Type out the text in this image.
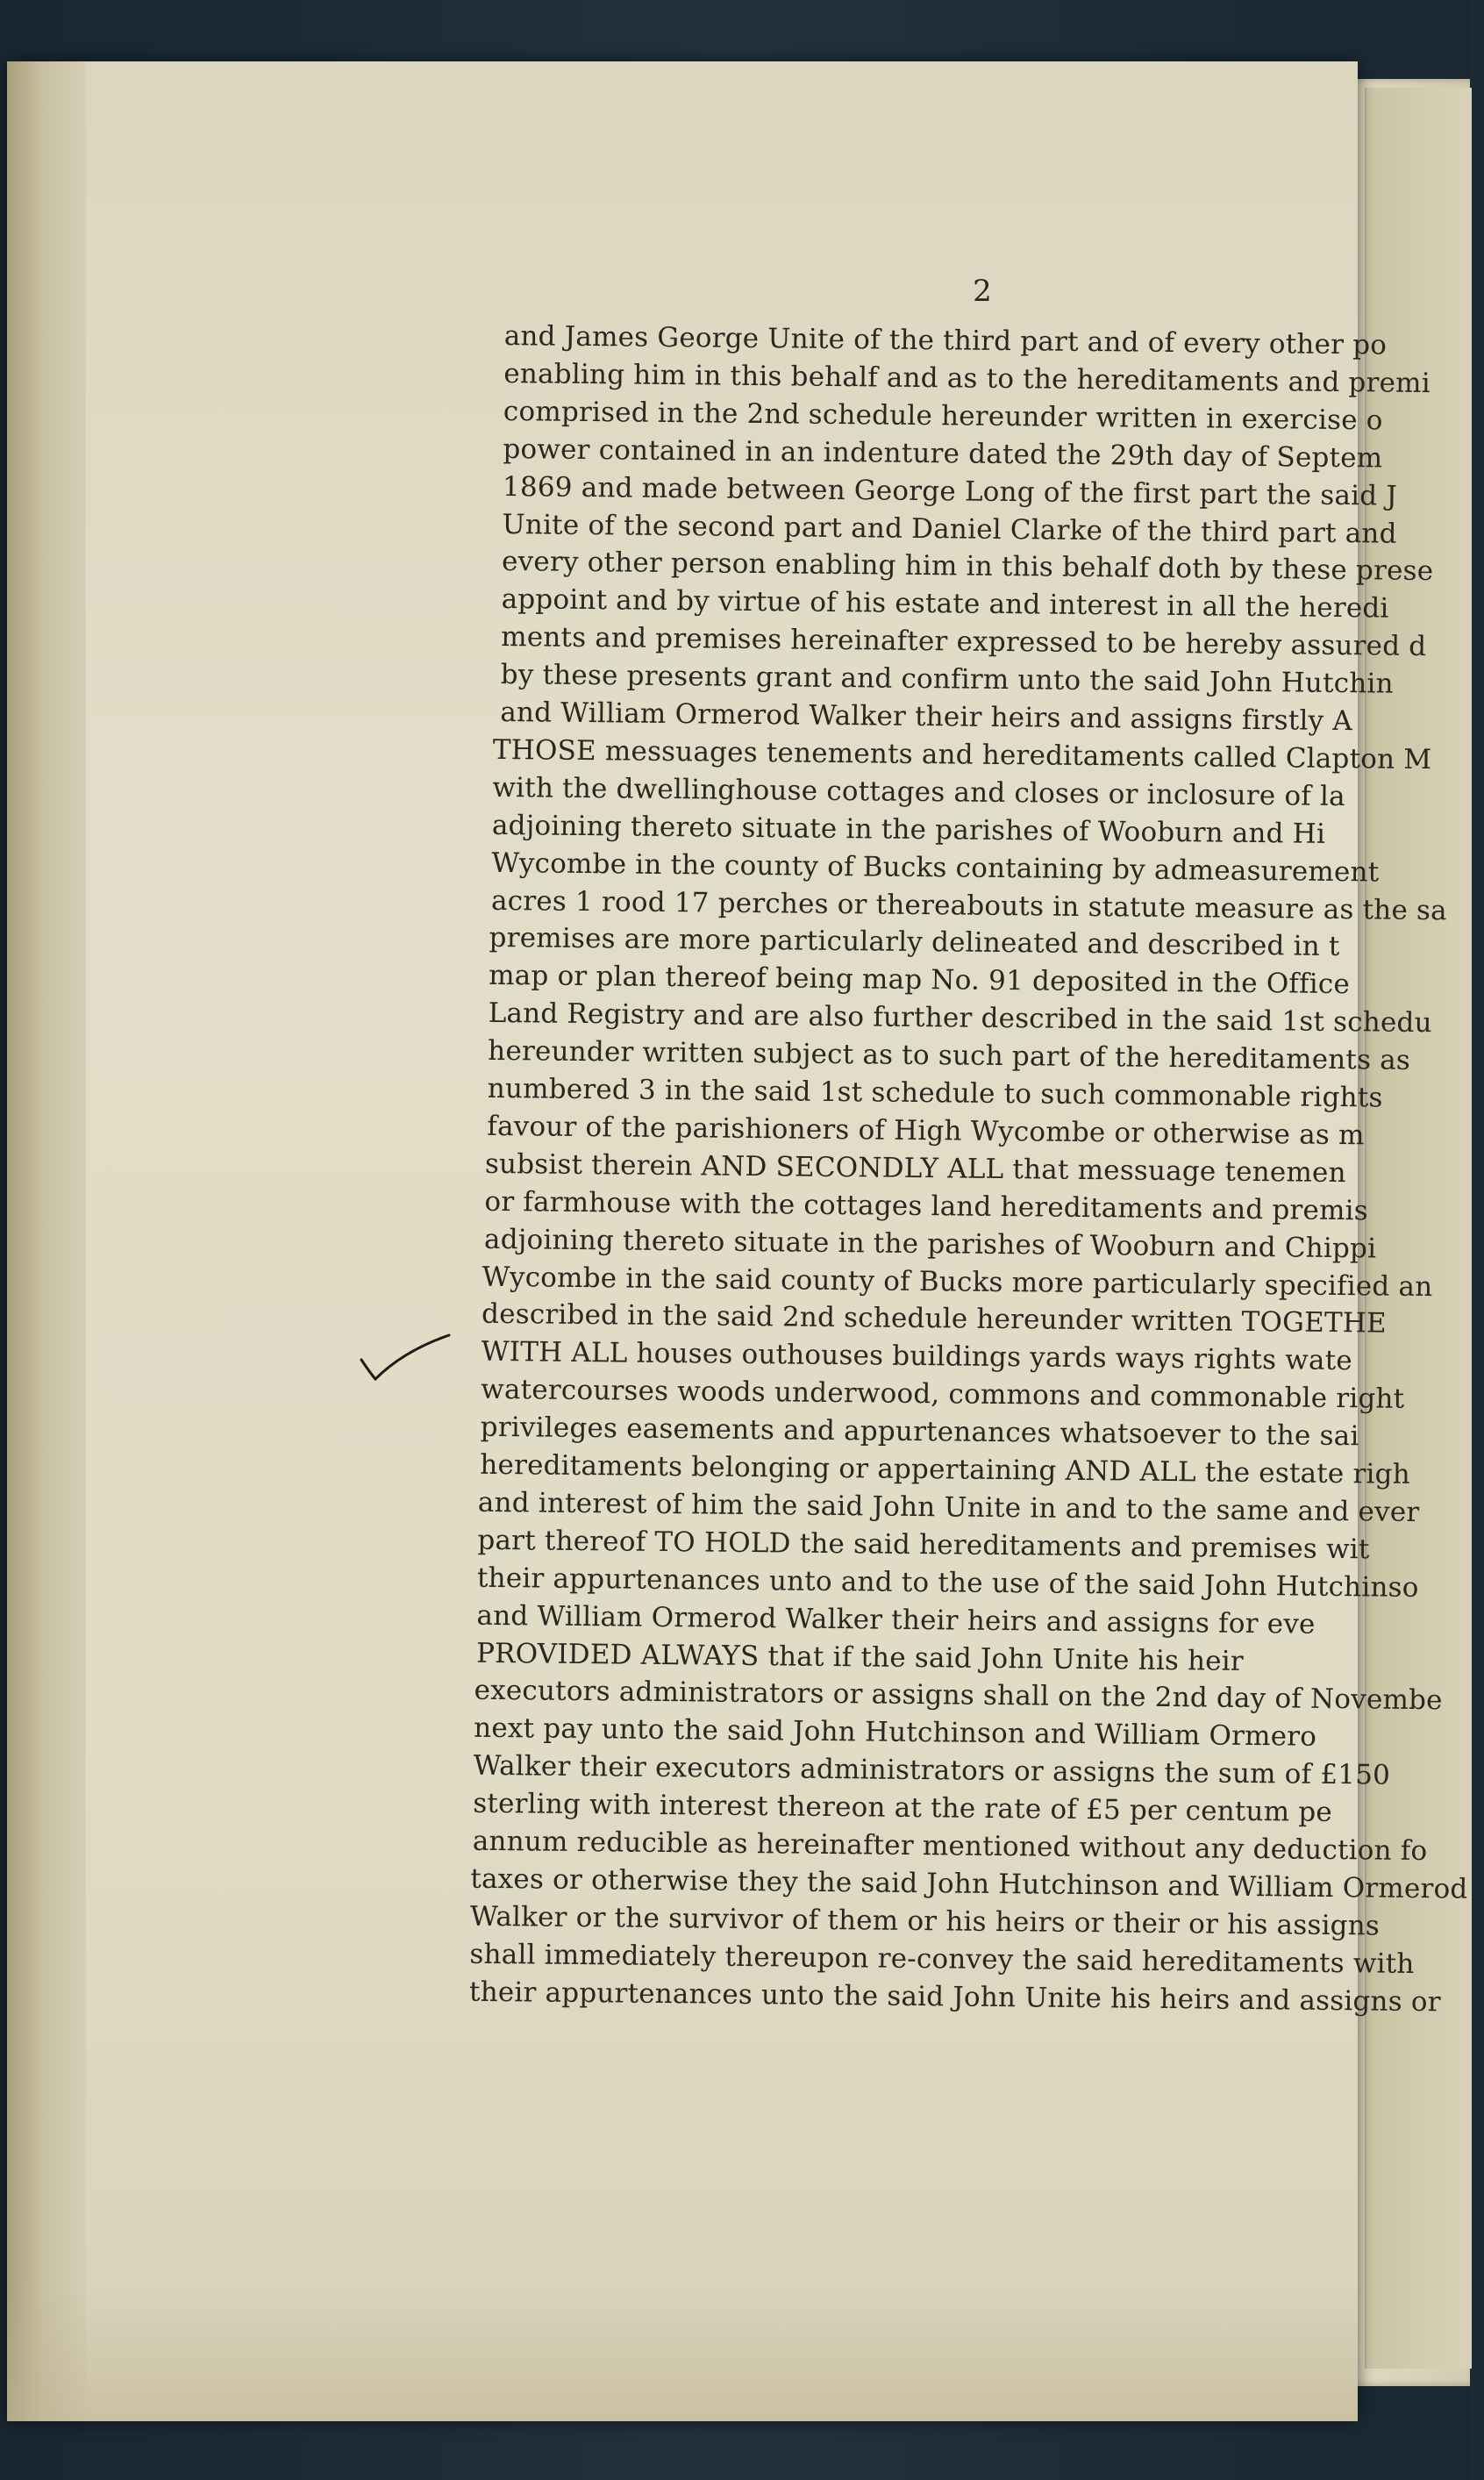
2
and James George Unite of the third part and of every other po
enabling him in this behalf and as to the hereditaments and premi
comprised in the 2nd schedule hereunder written in exercise o
power contained in an indenture dated the 29th day of Septem
1869 and made between George Long of the first part the said J
Unite of the second part and Daniel Clarke of the third part and
every other person enabling him in this behalf doth by these prese
appoint and by virtue of his estate and interest in all the heredi
ments and premises hereinafter expressed to be hereby assured d
by these presents grant and confirm unto the said John Hutchin
and William Ormerod Walker their heirs and assigns firstly A
THOSE messuages tenements and hereditaments called Clapton M
with the dwellinghouse cottages and closes or inclosure of la
adjoining thereto situate in the parishes of Wooburn and Hi
Wycombe in the county of Bucks containing by admeasurement
acres 1 rood 17 perches or thereabouts in statute measure as the sa
premises are more particularly delineated and described in t
map or plan thereof being map No. 91 deposited in the Office
Land Registry and are also further described in the said 1st schedu
hereunder written subject as to such part of the hereditaments as
numbered 3 in the said 1st schedule to such commonable rights
favour of the parishioners of High Wycombe or otherwise as m
subsist therein AND SECONDLY ALL that messuage tenemen
or farmhouse with the cottages land hereditaments and premis
adjoining thereto situate in the parishes of Wooburn and Chippi
Wycombe in the said county of Bucks more particularly specified an
described in the said 2nd schedule hereunder written TOGETHE
WITH ALL houses outhouses buildings yards ways rights wate
watercourses woods underwood, commons and commonable right
privileges easements and appurtenances whatsoever to the sai
hereditaments belonging or appertaining AND ALL the estate righ
and interest of him the said John Unite in and to the same and ever
part thereof TO HOLD the said hereditaments and premises wit
their appurtenances unto and to the use of the said John Hutchinso
and William Ormerod Walker their heirs and assigns for eve
PROVIDED ALWAYS that if the said John Unite his heir
executors administrators or assigns shall on the 2nd day of Novembe
next pay unto the said John Hutchinson and William Ormero
Walker their executors administrators or assigns the sum of £150
sterling with interest thereon at the rate of £5 per centum pe
annum reducible as hereinafter mentioned without any deduction fo
taxes or otherwise they the said John Hutchinson and William Ormerod
Walker or the survivor of them or his heirs or their or his assigns
shall immediately thereupon re-convey the said hereditaments with
their appurtenances unto the said John Unite his heirs and assigns or
